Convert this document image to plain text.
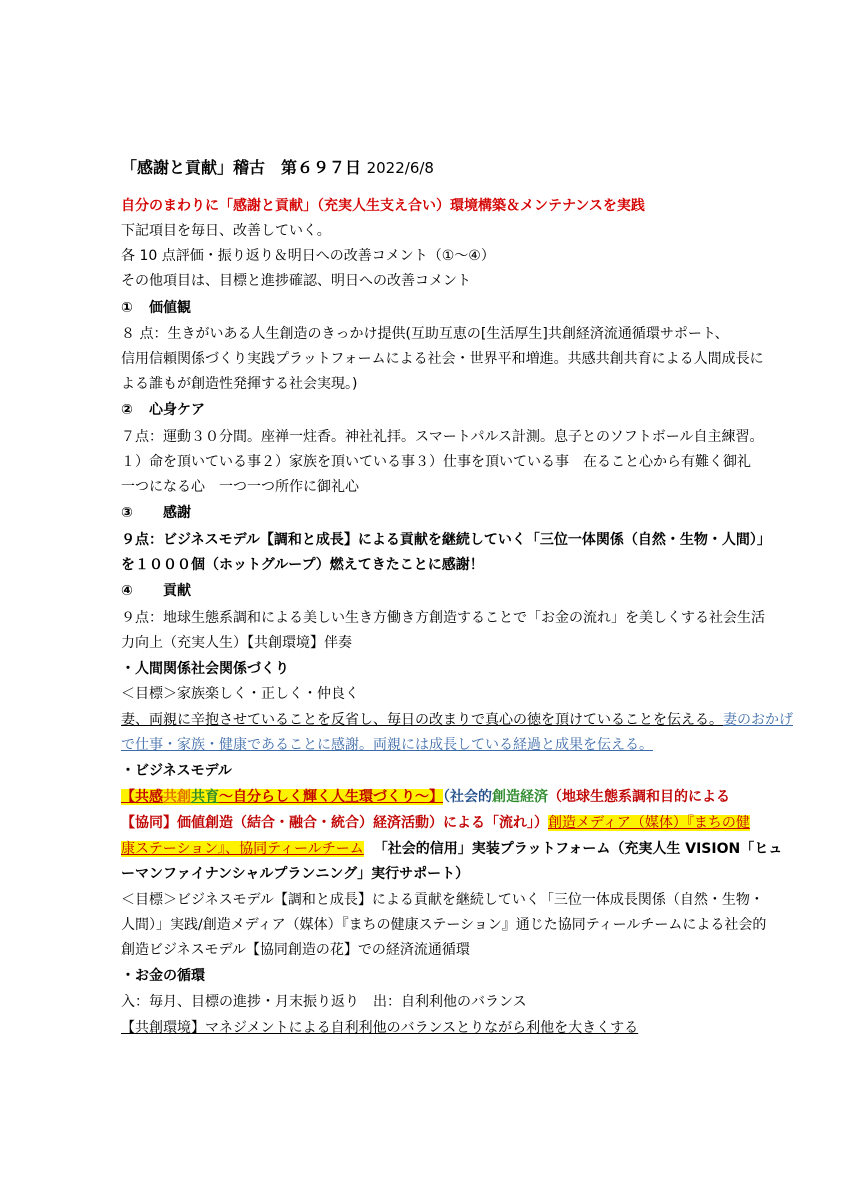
「感謝と貢献」稽古　第６９７日 2022/6/8
自分のまわりに「感謝と貢献」（充実人生支え合い）環境構築＆メンテナンスを実践
下記項目を毎日、改善していく。
各 10 点評価・振り返り＆明日への改善コメント（①～④）
その他項目は、目標と進捗確認、明日への改善コメント
① 価値観
８ 点：生きがいある人生創造のきっかけ提供(互助互恵の[生活厚生]共創経済流通循環サポート、
信用信頼関係づくり実践プラットフォームによる社会・世界平和増進。共感共創共育による人間成長に
よる誰もが創造性発揮する社会実現。)
② 心身ケア
７点：運動３０分間。座禅一炷香。神社礼拝。スマートパルス計測。息子とのソフトボール自主練習。
１）命を頂いている事２）家族を頂いている事３）仕事を頂いている事　在ること心から有難く御礼
一つになる心　一つ一つ所作に御礼心
③ 感謝
９点：ビジネスモデル【調和と成長】による貢献を継続していく「三位一体関係（自然・生物・人間）」
を１０００個（ホットグループ）燃えてきたことに感謝！
④ 貢献
９点：地球生態系調和による美しい生き方働き方創造することで「お金の流れ」を美しくする社会生活
力向上（充実人生）【共創環境】伴奏
・人間関係社会関係づくり
＜目標＞家族楽しく・正しく・仲良く
妻、両親に辛抱させていることを反省し、毎日の改まりで真心の徳を頂けていることを伝える。妻のおかげ
で仕事・家族・健康であることに感謝。両親には成長している経過と成果を伝える。
・ビジネスモデル
【共感共創共育～自分らしく輝く人生環づくり～】（社会的創造経済（地球生態系調和目的による
【協同】価値創造（結合・融合・統合）経済活動）による「流れ」）創造メディア（媒体）『まちの健
康ステーション』、協同ティールチーム 「社会的信用」実装プラットフォーム（充実人生 VISION「ヒュ
ーマンファイナンシャルプランニング」実行サポート）
＜目標＞ビジネスモデル【調和と成長】による貢献を継続していく「三位一体成長関係（自然・生物・
人間）」実践/創造メディア（媒体）『まちの健康ステーション』通じた協同ティールチームによる社会的
創造ビジネスモデル【協同創造の花】での経済流通循環
・お金の循環
入：毎月、目標の進捗・月末振り返り　出：自利利他のバランス
【共創環境】マネジメントによる自利利他のバランスとりながら利他を大きくする
